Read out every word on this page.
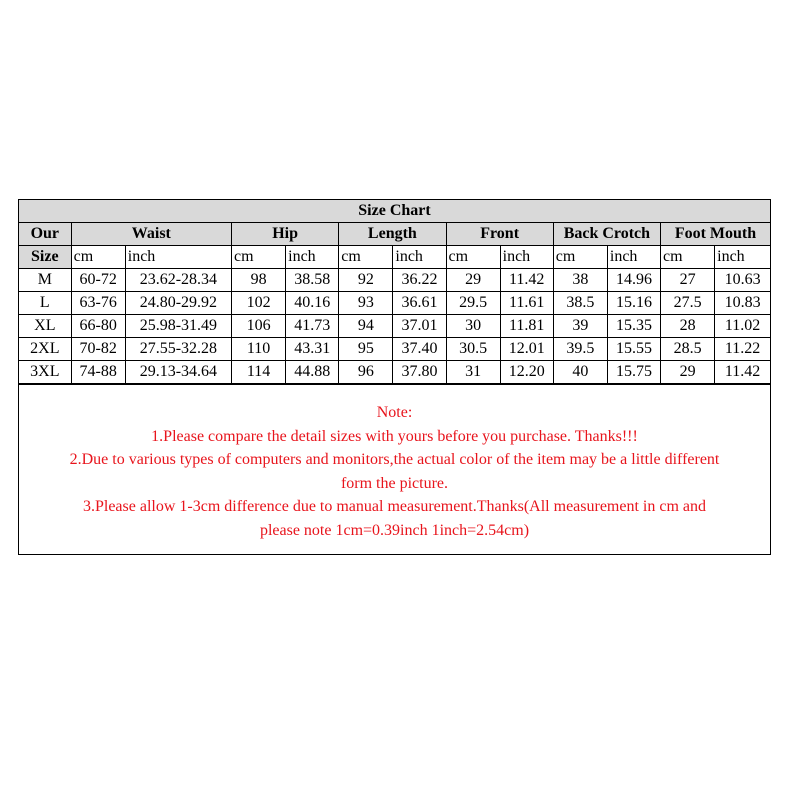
Size Chart												
Our	Waist		Hip		Length		Front		Back Crotch		Foot Mouth	
Size	cm	inch	cm	inch	cm	inch	cm	inch	cm	inch	cm	inch
M	60-72	23.62-28.34	98	38.58	92	36.22	29	11.42	38	14.96	27	10.63
L	63-76	24.80-29.92	102	40.16	93	36.61	29.5	11.61	38.5	15.16	27.5	10.83
XL	66-80	25.98-31.49	106	41.73	94	37.01	30	11.81	39	15.35	28	11.02
2XL	70-82	27.55-32.28	110	43.31	95	37.40	30.5	12.01	39.5	15.55	28.5	11.22
3XL	74-88	29.13-34.64	114	44.88	96	37.80	31	12.20	40	15.75	29	11.42
Note:
1.Please compare the detail sizes with yours before you purchase. Thanks!!!
2.Due to various types of computers and monitors,the actual color of the item may be a little different
form the picture.
3.Please allow 1-3cm difference due to manual measurement.Thanks(All measurement in cm and
please note 1cm=0.39inch 1inch=2.54cm)
